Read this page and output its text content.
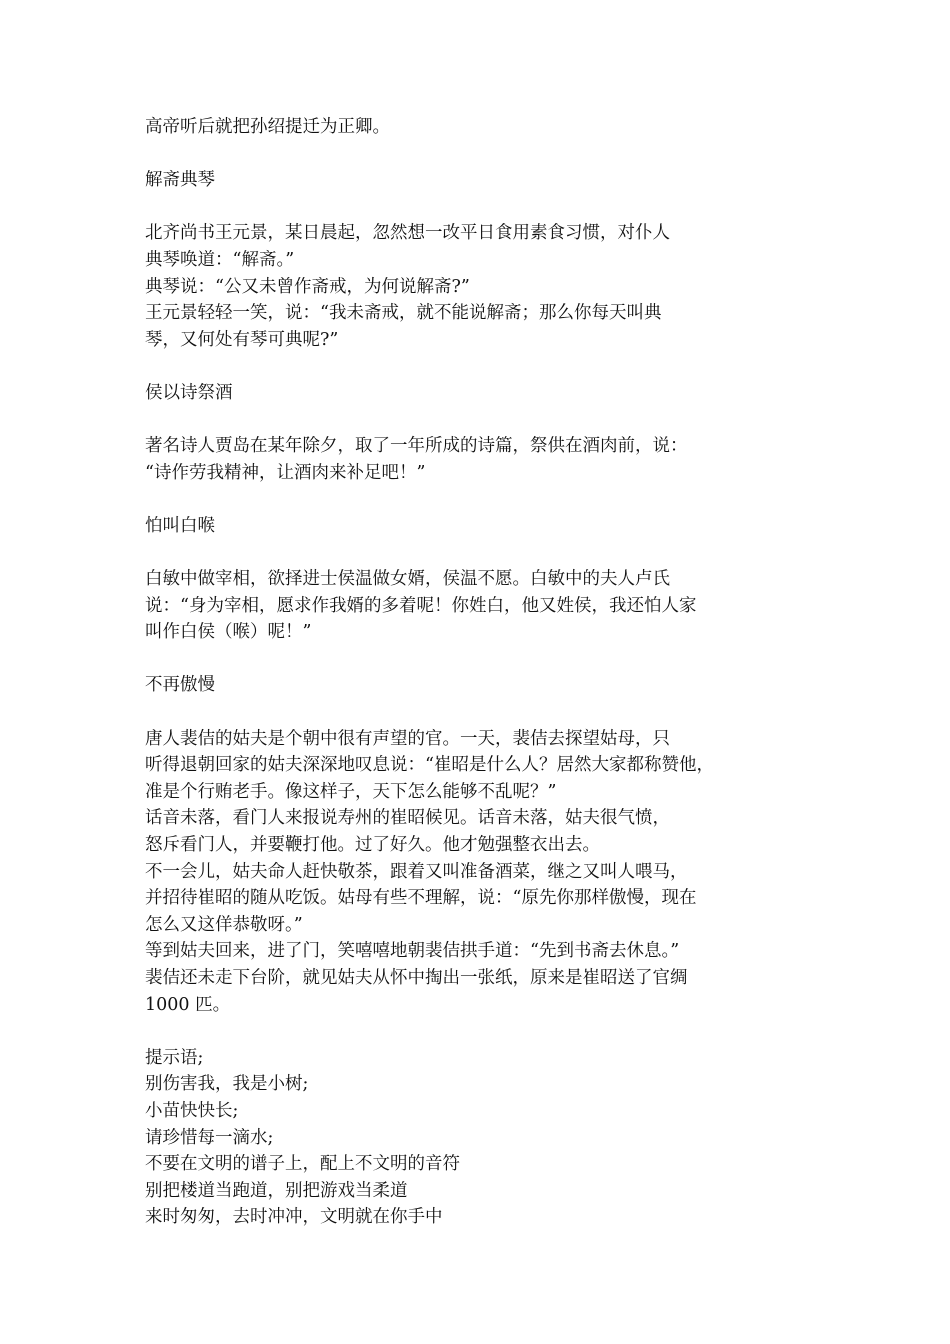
高帝听后就把孙绍提迁为正卿。
解斋典琴
北齐尚书王元景，某日晨起，忽然想一改平日食用素食习惯，对仆人
典琴唤道：“解斋。”
典琴说：“公又未曾作斋戒，为何说解斋?”
王元景轻轻一笑，说：“我未斋戒，就不能说解斋；那么你每天叫典
琴，又何处有琴可典呢?”
侯以诗祭酒
著名诗人贾岛在某年除夕，取了一年所成的诗篇，祭供在酒肉前，说：
“诗作劳我精神，让酒肉来补足吧！”
怕叫白喉
白敏中做宰相，欲择进士侯温做女婿，侯温不愿。白敏中的夫人卢氏
说：“身为宰相，愿求作我婿的多着呢！你姓白，他又姓侯，我还怕人家
叫作白侯（喉）呢！”
不再傲慢
唐人裴佶的姑夫是个朝中很有声望的官。一天，裴佶去探望姑母，只
听得退朝回家的姑夫深深地叹息说：“崔昭是什么人？居然大家都称赞他，
准是个行贿老手。像这样子，天下怎么能够不乱呢？”
话音未落，看门人来报说寿州的崔昭候见。话音未落，姑夫很气愤，
怒斥看门人，并要鞭打他。过了好久。他才勉强整衣出去。
不一会儿，姑夫命人赶快敬茶，跟着又叫准备酒菜，继之又叫人喂马，
并招待崔昭的随从吃饭。姑母有些不理解，说：“原先你那样傲慢，现在
怎么又这佯恭敬呀。”
等到姑夫回来，进了门，笑嘻嘻地朝裴佶拱手道：“先到书斋去休息。”
裴佶还未走下台阶，就见姑夫从怀中掏出一张纸，原来是崔昭送了官绸
1000 匹。
提示语;
别伤害我，我是小树;
小苗快快长;
请珍惜每一滴水;
不要在文明的谱子上，配上不文明的音符
别把楼道当跑道，别把游戏当柔道
来时匆匆，去时冲冲，文明就在你手中
